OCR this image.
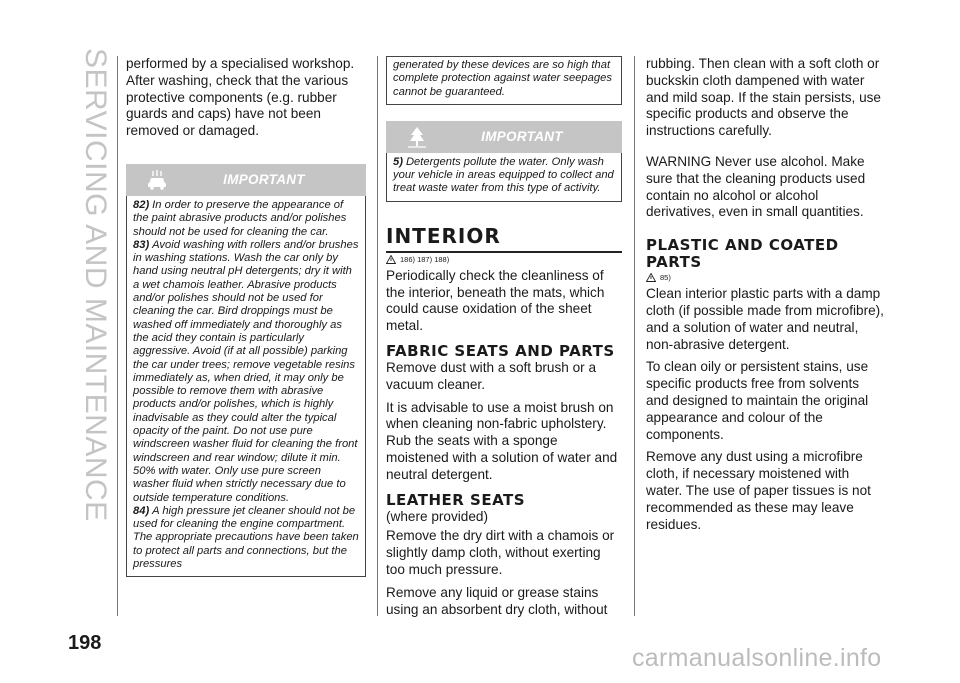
SERVICING AND MAINTENANCE performed by a specialised workshop. After washing, check that the various protective components (e.g. rubber guards and caps) have not been removed or damaged.

IMPORTANT

82) In order to preserve the appearance of the paint abrasive products and/or polishes should not be used for cleaning the car.

83) Avoid washing with rollers and/or brushes in washing stations. Wash the car only by hand using neutral pH detergents; dry it with a wet chamois leather. Abrasive products and/or polishes should not be used for cleaning the car. Bird droppings must be washed off immediately and thoroughly as the acid they contain is particularly aggressive. Avoid (if at all possible) parking the car under trees; remove vegetable resins immediately as, when dried, it may only be possible to remove them with abrasive products and/or polishes, which is highly inadvisable as they could alter the typical opacity of the paint. Do not use pure windscreen washer fluid for cleaning the front windscreen and rear window; dilute it min. 50% with water. Only use pure screen washer fluid when strictly necessary due to outside temperature conditions.

84) A high pressure jet cleaner should not be used for cleaning the engine compartment. The appropriate precautions have been taken to protect all parts and connections, but the pressures

generated by these devices are so high that complete protection against water seepages cannot be guaranteed.

IMPORTANT

5) Detergents pollute the water. Only wash your vehicle in areas equipped to collect and treat waste water from this type of activity.

INTERIOR
186) 187) 188)

Periodically check the cleanliness of the interior, beneath the mats, which could cause oxidation of the sheet metal.

FABRIC SEATS AND PARTS

Remove dust with a soft brush or a vacuum cleaner.

It is advisable to use a moist brush on when cleaning non-fabric upholstery. Rub the seats with a sponge moistened with a solution of water and neutral detergent.

LEATHER SEATS

(where provided)

Remove the dry dirt with a chamois or slightly damp cloth, without exerting too much pressure.

Remove any liquid or grease stains using an absorbent dry cloth, without

rubbing. Then clean with a soft cloth or buckskin cloth dampened with water and mild soap. If the stain persists, use specific products and observe the instructions carefully.

WARNING Never use alcohol. Make sure that the cleaning products used contain no alcohol or alcohol derivatives, even in small quantities.

PLASTIC AND COATED PARTS
85)

Clean interior plastic parts with a damp cloth (if possible made from microfibre), and a solution of water and neutral, non-abrasive detergent.

To clean oily or persistent stains, use specific products free from solvents and designed to maintain the original appearance and colour of the components.

Remove any dust using a microfibre cloth, if necessary moistened with water. The use of paper tissues is not recommended as these may leave residues.

198
carmanualsonline.info
